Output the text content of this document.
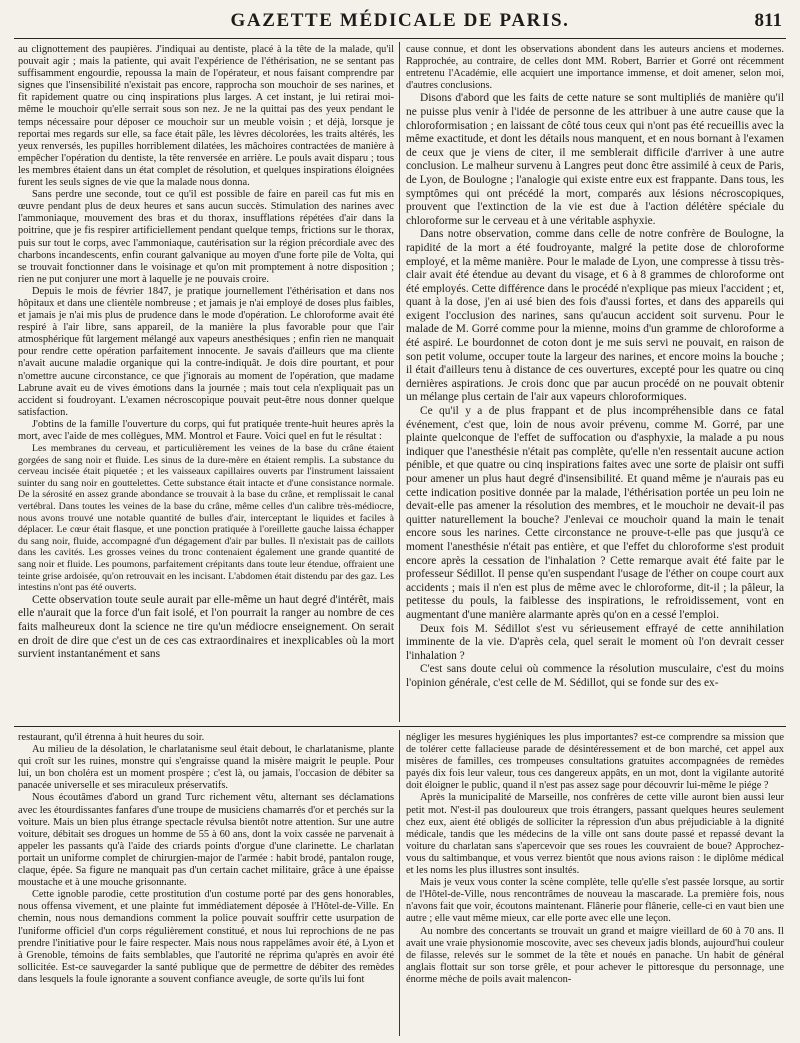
GAZETTE MÉDICALE DE PARIS.	811

au clignottement des paupières. J'indiquai au dentiste, placé à la tête de la malade, qu'il pouvait agir ; mais la patiente, qui avait l'expérience de l'éthérisation, ne se sentant pas suffisamment engourdie, repoussa la main de l'opérateur, et nous faisant comprendre par signes que l'insensibilité n'existait pas encore, rapprocha son mouchoir de ses narines, et fit rapidement quatre ou cinq inspirations plus larges. A cet instant, je lui retirai moi-même le mouchoir qu'elle serrait sous son nez. Je ne la quittai pas des yeux pendant le temps nécessaire pour déposer ce mouchoir sur un meuble voisin ; et déjà, lorsque je reportai mes regards sur elle, sa face était pâle, les lèvres décolorées, les traits altérés, les yeux renversés, les pupilles horriblement dilatées, les mâchoires contractées de manière à empêcher l'opération du dentiste, la tête renversée en arrière. Le pouls avait disparu ; tous les membres étaient dans un état complet de résolution, et quelques inspirations éloignées furent les seuls signes de vie que la malade nous donna.

Sans perdre une seconde, tout ce qu'il est possible de faire en pareil cas fut mis en œuvre pendant plus de deux heures et sans aucun succès. Stimulation des narines avec l'ammoniaque, mouvement des bras et du thorax, insufflations répétées d'air dans la poitrine, que je fis respirer artificiellement pendant quelque temps, frictions sur le thorax, puis sur tout le corps, avec l'ammoniaque, cautérisation sur la région précordiale avec des charbons incandescents, enfin courant galvanique au moyen d'une forte pile de Volta, qui se trouvait fonctionner dans le voisinage et qu'on mit promptement à notre disposition ; rien ne put conjurer une mort à laquelle je ne pouvais croire.

Depuis le mois de février 1847, je pratique journellement l'éthérisation et dans nos hôpitaux et dans une clientèle nombreuse ; et jamais je n'ai employé de doses plus faibles, et jamais je n'ai mis plus de prudence dans le mode d'opération. Le chloroforme avait été respiré à l'air libre, sans appareil, de la manière la plus favorable pour que l'air atmosphérique fût largement mélangé aux vapeurs anesthésiques ; enfin rien ne manquait pour rendre cette opération parfaitement innocente. Je savais d'ailleurs que ma cliente n'avait aucune maladie organique qui la contre-indiquât. Je dois dire pourtant, et pour n'omettre aucune circonstance, ce que j'ignorais au moment de l'opération, que madame Labrune avait eu de vives émotions dans la journée ; mais tout cela n'expliquait pas un accident si foudroyant. L'examen nécroscopique pouvait peut-être nous donner quelque satisfaction.

J'obtins de la famille l'ouverture du corps, qui fut pratiquée trente-huit heures après la mort, avec l'aide de mes collègues, MM. Montrol et Faure. Voici quel en fut le résultat :

Les membranes du cerveau, et particulièrement les veines de la base du crâne étaient gorgées de sang noir et fluide. Les sinus de la dure-mère en étaient remplis. La substance du cerveau incisée était piquetée ; et les vaisseaux capillaires ouverts par l'instrument laissaient suinter du sang noir en gouttelettes. Cette substance était intacte et d'une consistance normale. De la sérosité en assez grande abondance se trouvait à la base du crâne, et remplissait le canal vertébral. Dans toutes les veines de la base du crâne, même celles d'un calibre très-médiocre, nous avons trouvé une notable quantité de bulles d'air, interceptant le liquides et faciles à déplacer. Le cœur était flasque, et une ponction pratiquée à l'oreillette gauche laissa échapper du sang noir, fluide, accompagné d'un dégagement d'air par bulles. Il n'existait pas de caillots dans les cavités. Les grosses veines du tronc contenaient également une grande quantité de sang noir et fluide. Les poumons, parfaitement crépitants dans toute leur étendue, offraient une teinte grise ardoisée, qu'on retrouvait en les incisant. L'abdomen était distendu par des gaz. Les intestins n'ont pas été ouverts.

Cette observation toute seule aurait par elle-même un haut degré d'intérêt, mais elle n'aurait que la force d'un fait isolé, et l'on pourrait la ranger au nombre de ces faits malheureux dont la science ne tire qu'un médiocre enseignement. On serait en droit de dire que c'est un de ces cas extraordinaires et inexplicables où la mort survient instantanément et sans

cause connue, et dont les observations abondent dans les auteurs anciens et modernes. Rapprochée, au contraire, de celles dont MM. Robert, Barrier et Gorré ont récemment entretenu l'Académie, elle acquiert une importance immense, et doit amener, selon moi, d'autres conclusions.

Disons d'abord que les faits de cette nature se sont multipliés de manière qu'il ne puisse plus venir à l'idée de personne de les attribuer à une autre cause que la chloroformisation ; en laissant de côté tous ceux qui n'ont pas été recueillis avec la même exactitude, et dont les détails nous manquent, et en nous bornant à l'examen de ceux que je viens de citer, il me semblerait difficile d'arriver à une autre conclusion. Le malheur survenu à Langres peut donc être assimilé à ceux de Paris, de Lyon, de Boulogne ; l'analogie qui existe entre eux est frappante. Dans tous, les symptômes qui ont précédé la mort, comparés aux lésions nécroscopiques, prouvent que l'extinction de la vie est due à l'action délétère spéciale du chloroforme sur le cerveau et à une véritable asphyxie.

Dans notre observation, comme dans celle de notre confrère de Boulogne, la rapidité de la mort a été foudroyante, malgré la petite dose de chloroforme employé, et la même manière. Pour le malade de Lyon, une compresse à tissu très-clair avait été étendue au devant du visage, et 6 à 8 grammes de chloroforme ont été employés. Cette différence dans le procédé n'explique pas mieux l'accident ; et, quant à la dose, j'en ai usé bien des fois d'aussi fortes, et dans des appareils qui exigent l'occlusion des narines, sans qu'aucun accident soit survenu. Pour le malade de M. Gorré comme pour la mienne, moins d'un gramme de chloroforme a été aspiré. Le bourdonnet de coton dont je me suis servi ne pouvait, en raison de son petit volume, occuper toute la largeur des narines, et encore moins la bouche ; il était d'ailleurs tenu à distance de ces ouvertures, excepté pour les quatre ou cinq dernières aspirations. Je crois donc que par aucun procédé on ne pouvait obtenir un mélange plus certain de l'air aux vapeurs chloroformiques.

Ce qu'il y a de plus frappant et de plus incompréhensible dans ce fatal événement, c'est que, loin de nous avoir prévenu, comme M. Gorré, par une plainte quelconque de l'effet de suffocation ou d'asphyxie, la malade a pu nous indiquer que l'anesthésie n'était pas complète, qu'elle n'en ressentait aucune action pénible, et que quatre ou cinq inspirations faites avec une sorte de plaisir ont suffi pour amener un plus haut degré d'insensibilité. Et quand même je n'aurais pas eu cette indication positive donnée par la malade, l'éthérisation portée un peu loin ne devait-elle pas amener la résolution des membres, et le mouchoir ne devait-il pas quitter naturellement la bouche? J'enlevai ce mouchoir quand la main le tenait encore sous les narines. Cette circonstance ne prouve-t-elle pas que jusqu'à ce moment l'anesthésie n'était pas entière, et que l'effet du chloroforme s'est produit encore après la cessation de l'inhalation ? Cette remarque avait été faite par le professeur Sédillot. Il pense qu'en suspendant l'usage de l'éther on coupe court aux accidents ; mais il n'en est plus de même avec le chloroforme, dit-il ; la pâleur, la petitesse du pouls, la faiblesse des inspirations, le refroidissement, vont en augmentant d'une manière alarmante après qu'on en a cessé l'emploi.

Deux fois M. Sédillot s'est vu sérieusement effrayé de cette annihilation imminente de la vie. D'après cela, quel serait le moment où l'on devrait cesser l'inhalation ?

C'est sans doute celui où commence la résolution musculaire, c'est du moins l'opinion générale, c'est celle de M. Sédillot, qui se fonde sur des ex-

restaurant, qu'il étrenna à huit heures du soir.

Au milieu de la désolation, le charlatanisme seul était debout, le charlatanisme, plante qui croît sur les ruines, monstre qui s'engraisse quand la misère maigrit le peuple. Pour lui, un bon choléra est un moment prospère ; c'est là, ou jamais, l'occasion de débiter sa panacée universelle et ses miraculeux préservatifs.

Nous écoutâmes d'abord un grand Turc richement vêtu, alternant ses déclamations avec les étourdissantes fanfares d'une troupe de musiciens chamarrés d'or et perchés sur la voiture. Mais un bien plus étrange spectacle révulsa bientôt notre attention. Sur une autre voiture, débitait ses drogues un homme de 55 à 60 ans, dont la voix cassée ne parvenait à appeler les passants qu'à l'aide des criards points d'orgue d'une clarinette. Le charlatan portait un uniforme complet de chirurgien-major de l'armée : habit brodé, pantalon rouge, claque, épée. Sa figure ne manquait pas d'un certain cachet militaire, grâce à une épaisse moustache et à une mouche grisonnante.

Cette ignoble parodie, cette prostitution d'un costume porté par des gens honorables, nous offensa vivement, et une plainte fut immédiatement déposée à l'Hôtel-de-Ville. En chemin, nous nous demandions comment la police pouvait souffrir cette usurpation de l'uniforme officiel d'un corps régulièrement constitué, et nous lui reprochions de ne pas prendre l'initiative pour le faire respecter. Mais nous nous rappelâmes avoir été, à Lyon et à Grenoble, témoins de faits semblables, que l'autorité ne réprima qu'après en avoir été sollicitée. Est-ce sauvegarder la santé publique que de permettre de débiter des remèdes dans lesquels la foule ignorante a souvent confiance aveugle, de sorte qu'ils lui font

négliger les mesures hygiéniques les plus importantes? est-ce comprendre sa mission que de tolérer cette fallacieuse parade de désintéressement et de bon marché, cet appel aux misères de familles, ces trompeuses consultations gratuites accompagnées de remèdes payés dix fois leur valeur, tous ces dangereux appâts, en un mot, dont la vigilante autorité doit éloigner le public, quand il n'est pas assez sage pour découvrir lui-même le piége ?

Après la municipalité de Marseille, nos confrères de cette ville auront bien aussi leur petit mot. N'est-il pas douloureux que trois étrangers, passant quelques heures seulement chez eux, aient été obligés de solliciter la répression d'un abus préjudiciable à la dignité médicale, tandis que les médecins de la ville ont sans doute passé et repassé devant la voiture du charlatan sans s'apercevoir que ses roues les couvraient de boue? Approchez-vous du saltimbanque, et vous verrez bientôt que nous avions raison : le diplôme médical et les noms les plus illustres sont insultés.

Mais je veux vous conter la scène complète, telle qu'elle s'est passée lorsque, au sortir de l'Hôtel-de-Ville, nous rencontrâmes de nouveau la mascarade. La première fois, nous n'avons fait que voir, écoutons maintenant. Flânerie pour flânerie, celle-ci en vaut bien une autre ; elle vaut même mieux, car elle porte avec elle une leçon.

Au nombre des concertants se trouvait un grand et maigre vieillard de 60 à 70 ans. Il avait une vraie physionomie moscovite, avec ses cheveux jadis blonds, aujourd'hui couleur de filasse, relevés sur le sommet de la tête et noués en panache. Un habit de général anglais flottait sur son torse grêle, et pour achever le pittoresque du personnage, une énorme mèche de poils avait malencon-
